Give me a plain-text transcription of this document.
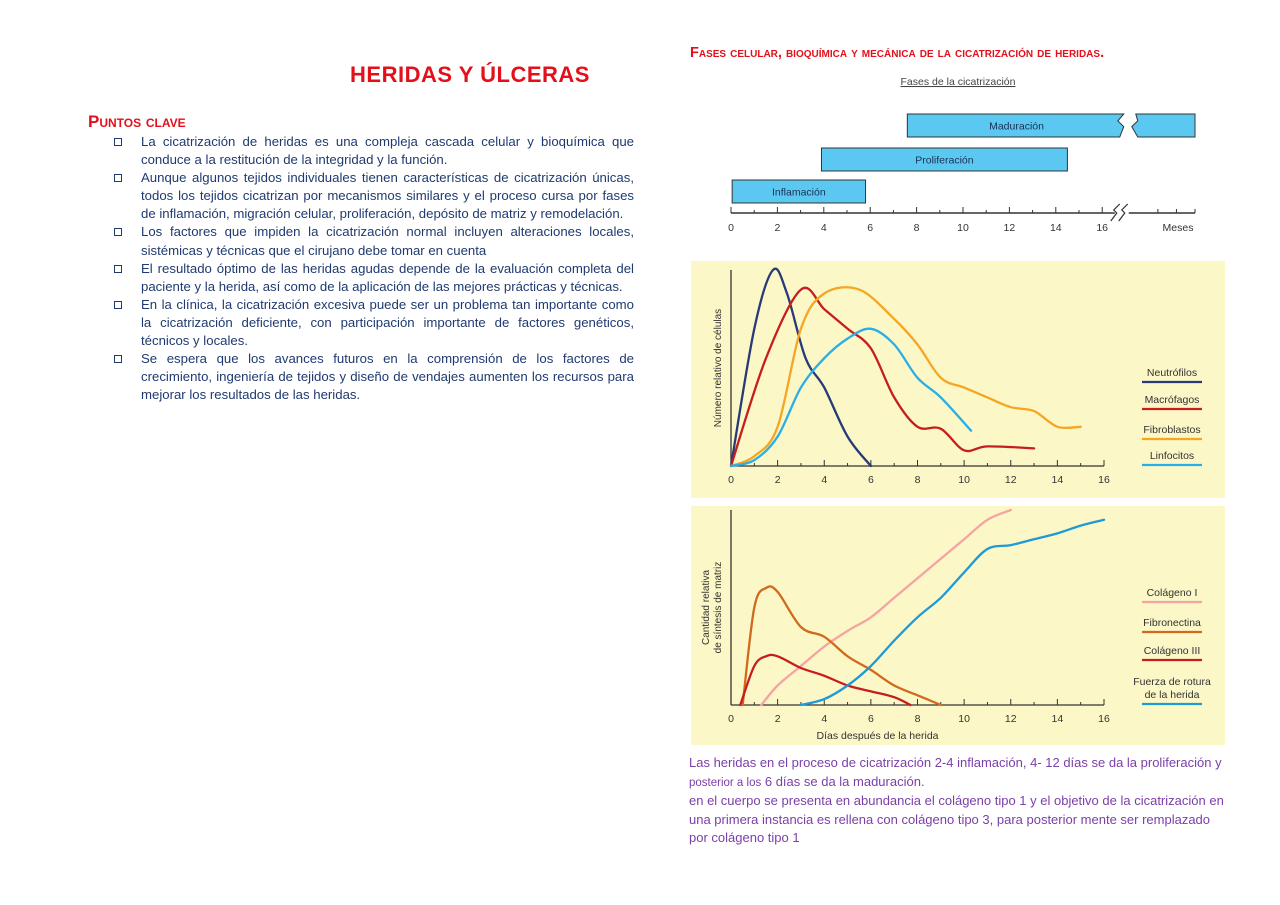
HERIDAS Y ÚLCERAS
Puntos clave
La cicatrización de heridas es una compleja cascada celular y bioquímica que conduce a la restitución de la integridad y la función.
Aunque algunos tejidos individuales tienen características de cicatrización únicas, todos los tejidos cicatrizan por mecanismos similares y el proceso cursa por fases de inflamación, migración celular, proliferación, depósito de matriz y remodelación.
Los factores que impiden la cicatrización normal incluyen alteraciones locales, sistémicas y técnicas que el cirujano debe tomar en cuenta
El resultado óptimo de las heridas agudas depende de la evaluación completa del paciente y la herida, así como de la aplicación de las mejores prácticas y técnicas.
En la clínica, la cicatrización excesiva puede ser un problema tan importante como la cicatrización deficiente, con participación importante de factores genéticos, técnicos y locales.
Se espera que los avances futuros en la comprensión de los factores de crecimiento, ingeniería de tejidos y diseño de vendajes aumenten los recursos para mejorar los resultados de las heridas.
Fases celular, bioquímica y mecánica de la cicatrización de heridas.
Fases de la cicatrización
0	2	4	6	8	10	12	14	16	Meses
Inflamación
Proliferación
Maduración
0	2	4	6	8	10	12	14	16
Número relativo de células	Neutrófilos
Macrófagos
Fibroblastos
Linfocitos
0	2	4	6	8	10	12	14	16
Días después de la herida
Cantidad relativa de síntesis de matriz	Colágeno I
Fibronectina
Colágeno III
Fuerza de rotura
de la herida

Las heridas en el proceso de cicatrización 2-4 inflamación, 4- 12 días se da la proliferación y posterior a los 6 días se da la maduración.

en el cuerpo se presenta en abundancia el colágeno tipo 1 y el objetivo de la cicatrización en una primera instancia es rellena con colágeno tipo 3, para posterior mente ser remplazado por colágeno tipo 1
